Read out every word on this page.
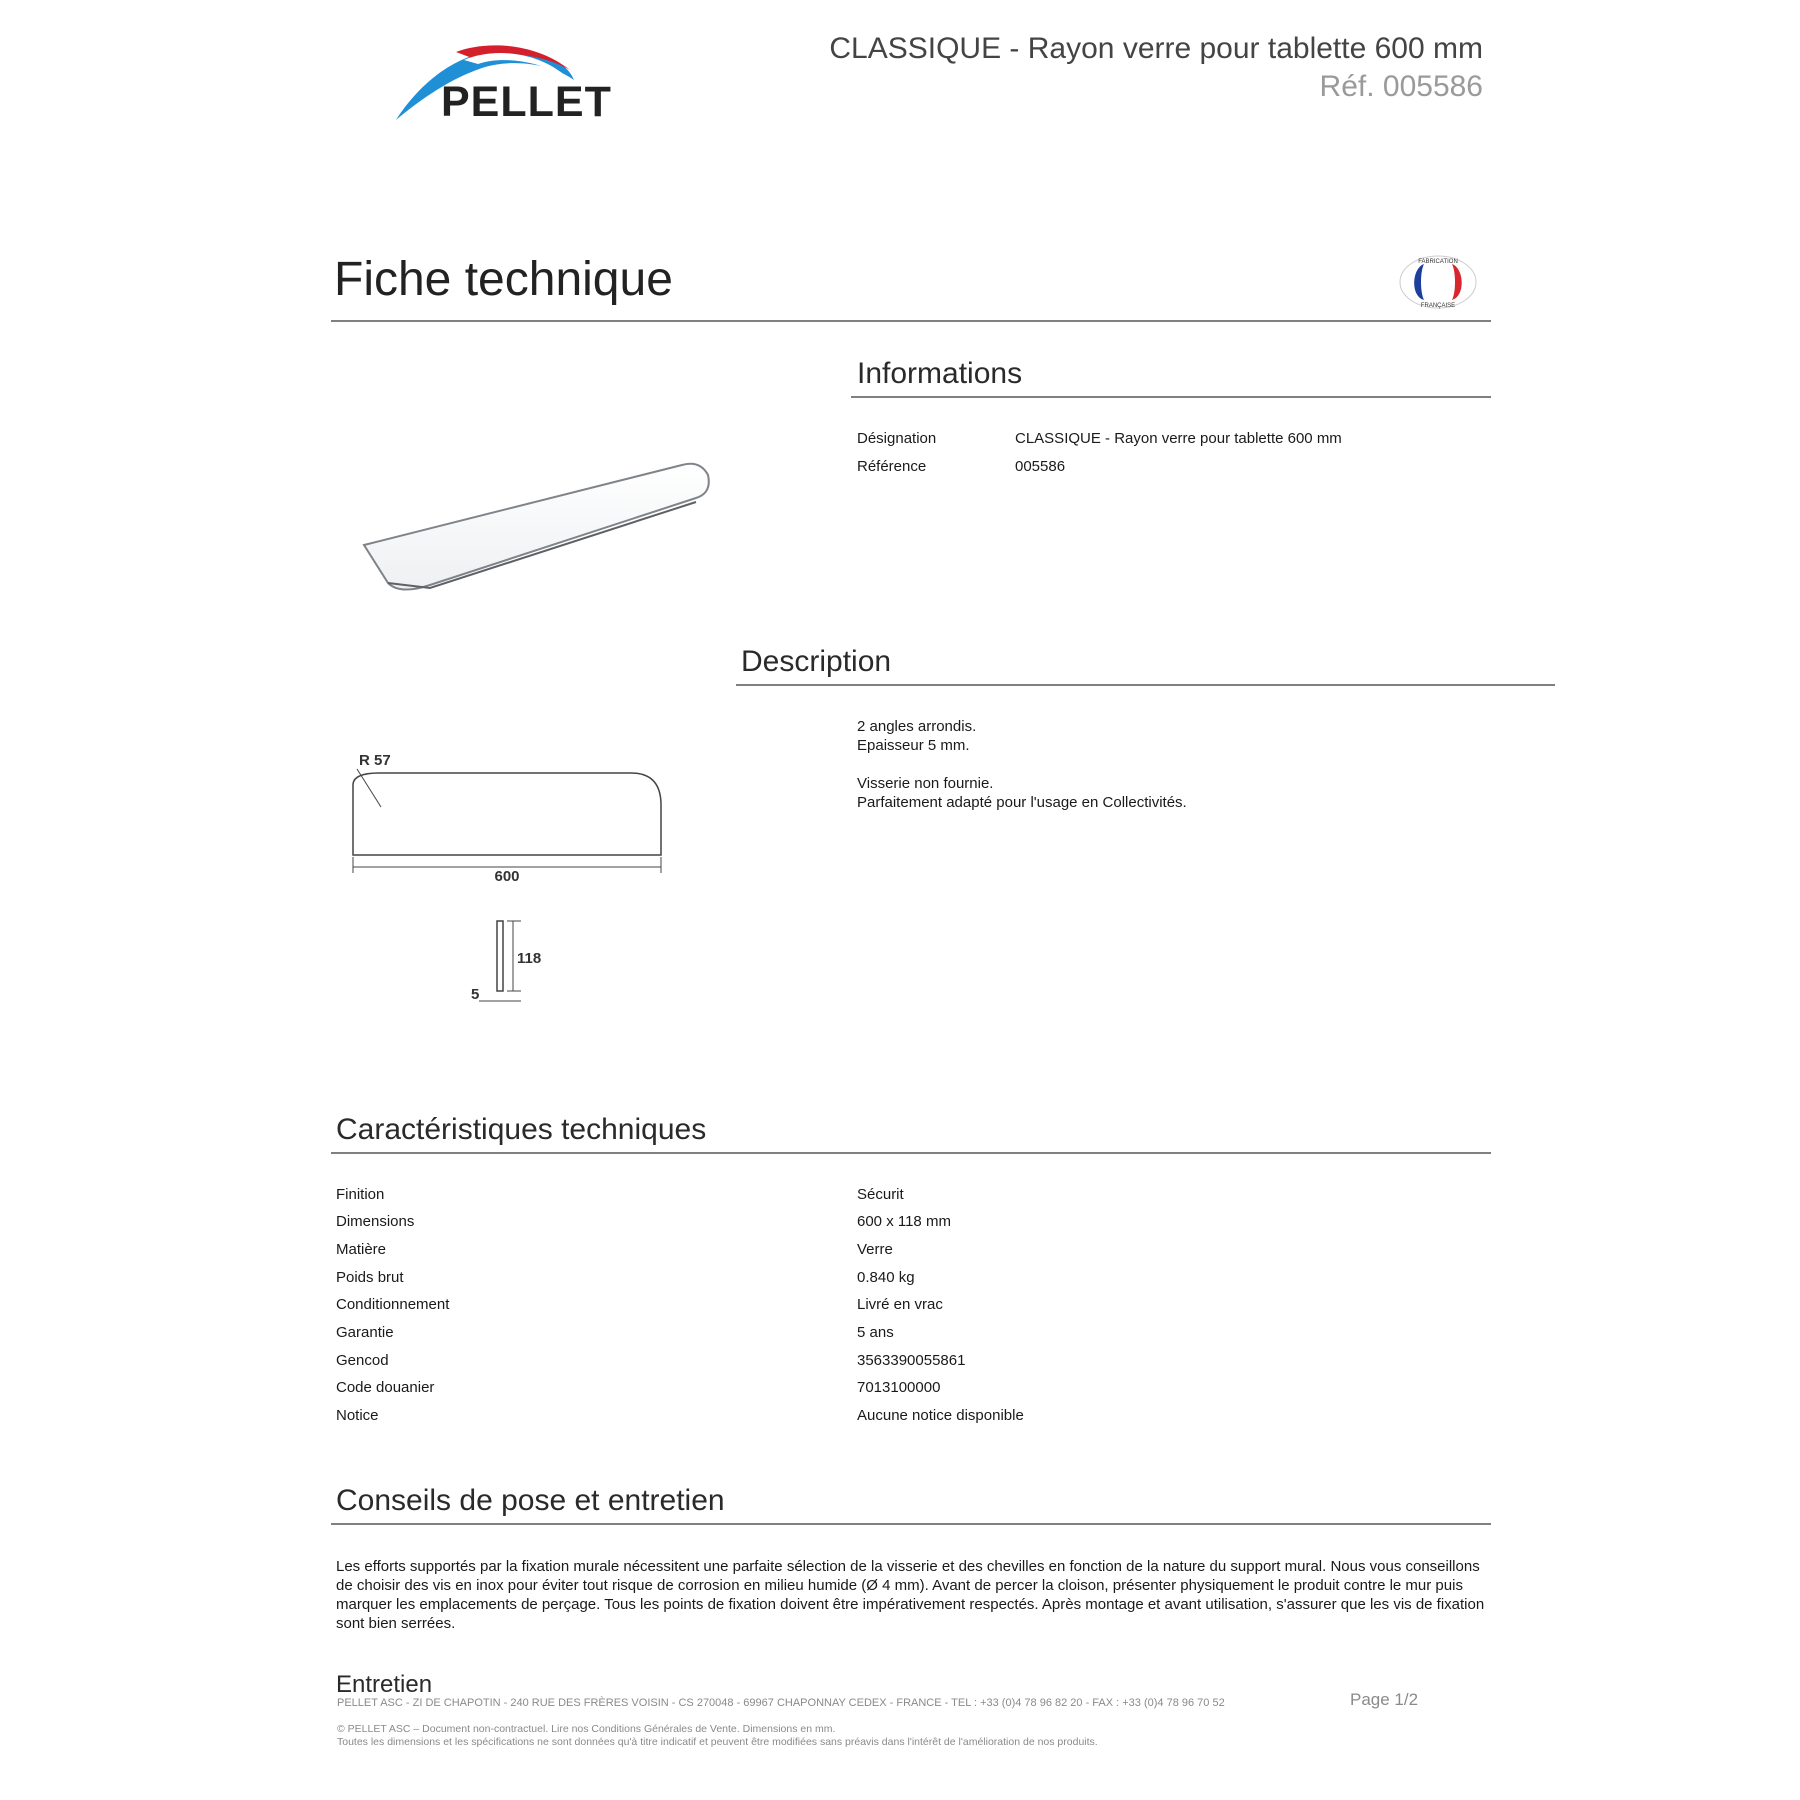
PELLET
CLASSIQUE - Rayon verre pour tablette 600 mm
Réf. 005586
Fiche technique	FABRICATION
FRANÇAISE
R 57
600
118
5
Informations
Désignation	CLASSIQUE - Rayon verre pour tablette 600 mm
Référence	005586
Description
2 angles arrondis.
Epaisseur 5 mm.
Visserie non fournie.
Parfaitement adapté pour l'usage en Collectivités.
Caractéristiques techniques
Finition	Sécurit
Dimensions	600 x 118 mm
Matière	Verre
Poids brut	0.840 kg
Conditionnement	Livré en vrac
Garantie	5 ans
Gencod	3563390055861
Code douanier	7013100000
Notice	Aucune notice disponible
Conseils de pose et entretien
Les efforts supportés par la fixation murale nécessitent une parfaite sélection de la visserie et des chevilles en fonction de la nature du support mural. Nous vous conseillons de choisir des vis en inox pour éviter tout risque de corrosion en milieu humide (Ø 4 mm). Avant de percer la cloison, présenter physiquement le produit contre le mur puis marquer les emplacements de perçage. Tous les points de fixation doivent être impérativement respectés. Après montage et avant utilisation, s'assurer que les vis de fixation sont bien serrées.
Entretien
PELLET ASC - ZI DE CHAPOTIN - 240 RUE DES FRÈRES VOISIN - CS 270048 - 69967 CHAPONNAY CEDEX - FRANCE - TEL : +33 (0)4 78 96 82 20 - FAX : +33 (0)4 78 96 70 52	Page 1/2
© PELLET ASC – Document non-contractuel. Lire nos Conditions Générales de Vente. Dimensions en mm.
Toutes les dimensions et les spécifications ne sont données qu'à titre indicatif et peuvent être modifiées sans préavis dans l'intérêt de l'amélioration de nos produits.
